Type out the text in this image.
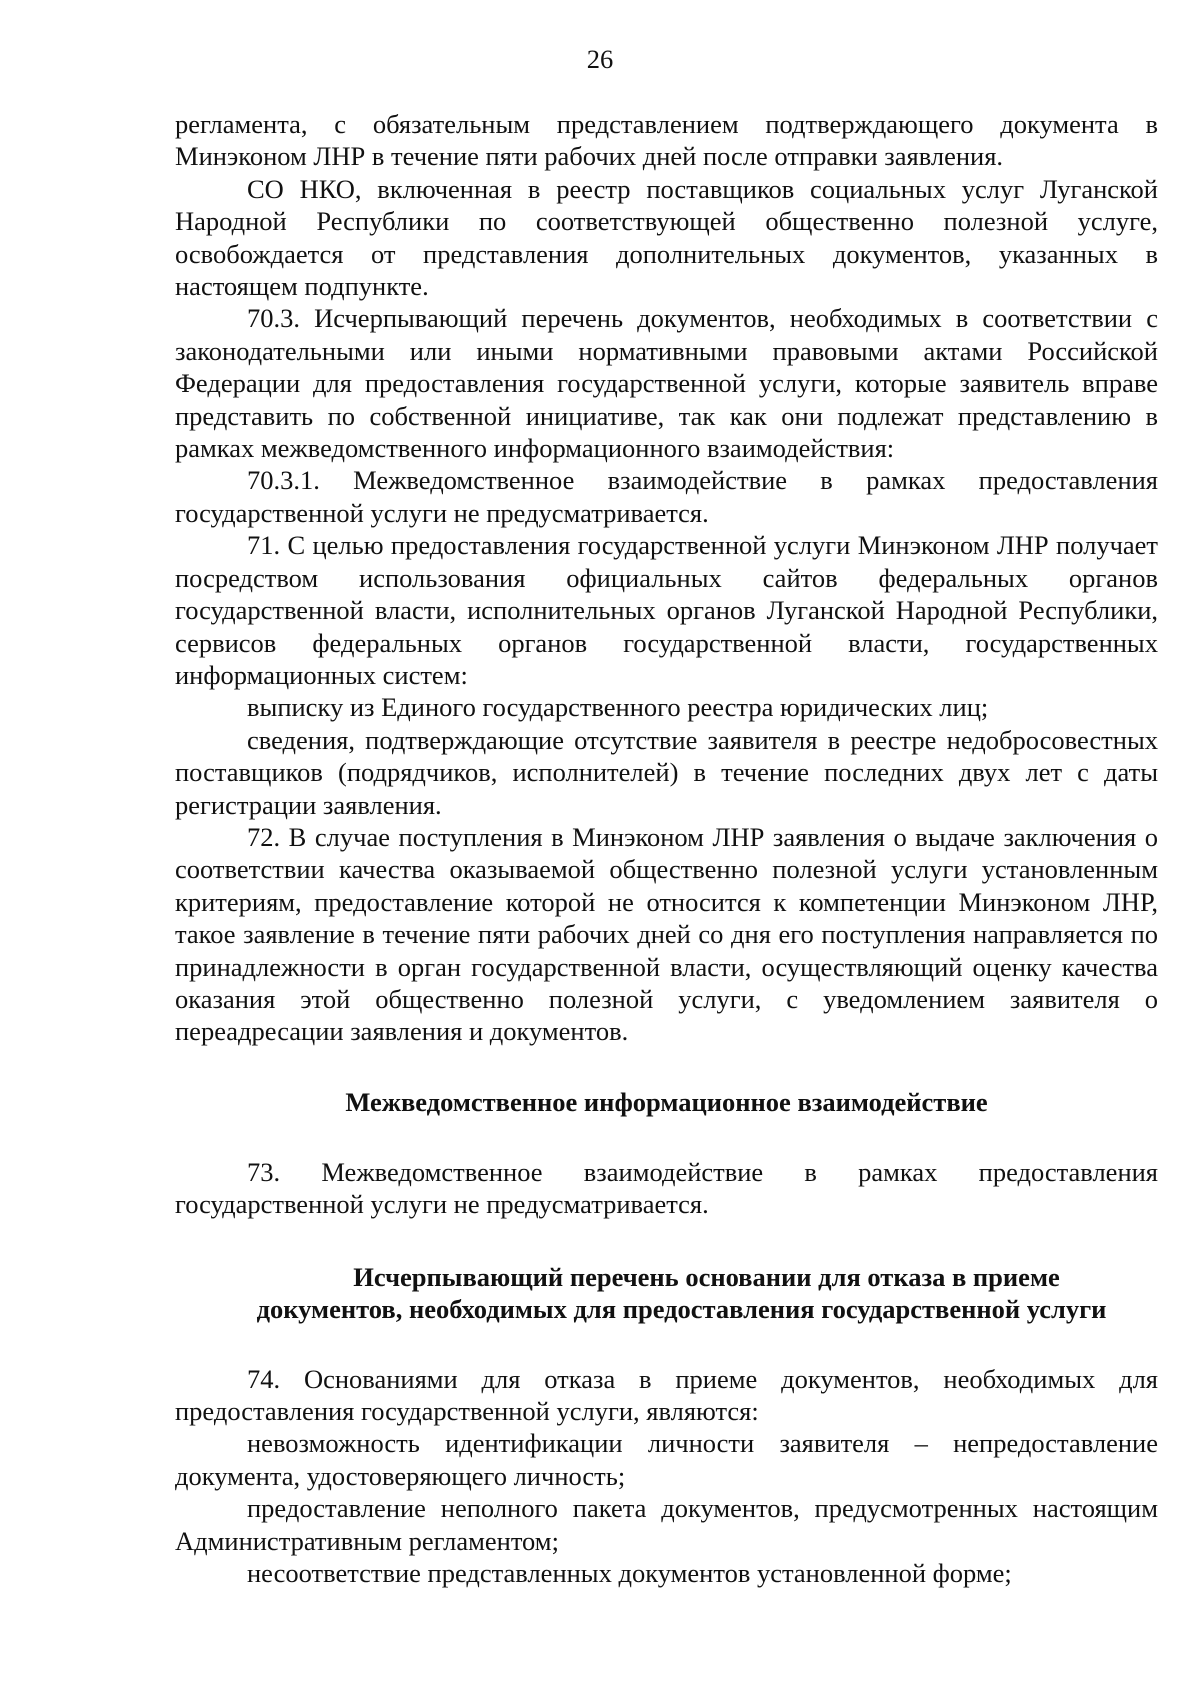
26

регламента, с обязательным представлением подтверждающего документа в Минэконом ЛНР в течение пяти рабочих дней после отправки заявления.

СО НКО, включенная в реестр поставщиков социальных услуг Луганской Народной Республики по соответствующей общественно полезной услуге, освобождается от представления дополнительных документов, указанных в настоящем подпункте.

70.3. Исчерпывающий перечень документов, необходимых в соответствии с законодательными или иными нормативными правовыми актами Российской Федерации для предоставления государственной услуги, которые заявитель вправе представить по собственной инициативе, так как они подлежат представлению в рамках межведомственного информационного взаимодействия:

70.3.1. Межведомственное взаимодействие в рамках предоставления государственной услуги не предусматривается.

71. С целью предоставления государственной услуги Минэконом ЛНР получает посредством использования официальных сайтов федеральных органов государственной власти, исполнительных органов Луганской Народной Республики, сервисов федеральных органов государственной власти, государственных информационных систем:

выписку из Единого государственного реестра юридических лиц;

сведения, подтверждающие отсутствие заявителя в реестре недобросовестных поставщиков (подрядчиков, исполнителей) в течение последних двух лет с даты регистрации заявления.

72. В случае поступления в Минэконом ЛНР заявления о выдаче заключения о соответствии качества оказываемой общественно полезной услуги установленным критериям, предоставление которой не относится к компетенции Минэконом ЛНР, такое заявление в течение пяти рабочих дней со дня его поступления направляется по принадлежности в орган государственной власти, осуществляющий оценку качества оказания этой общественно полезной услуги, с уведомлением заявителя о переадресации заявления и документов.

Межведомственное информационное взаимодействие

73. Межведомственное взаимодействие в рамках предоставления государственной услуги не предусматривается.

Исчерпывающий перечень основании для отказа в приеме
документов, необходимых для предоставления государственной услуги

74. Основаниями для отказа в приеме документов, необходимых для предоставления государственной услуги, являются:

невозможность идентификации личности заявителя – непредоставление документа, удостоверяющего личность;

предоставление неполного пакета документов, предусмотренных настоящим Административным регламентом;

несоответствие представленных документов установленной форме;
